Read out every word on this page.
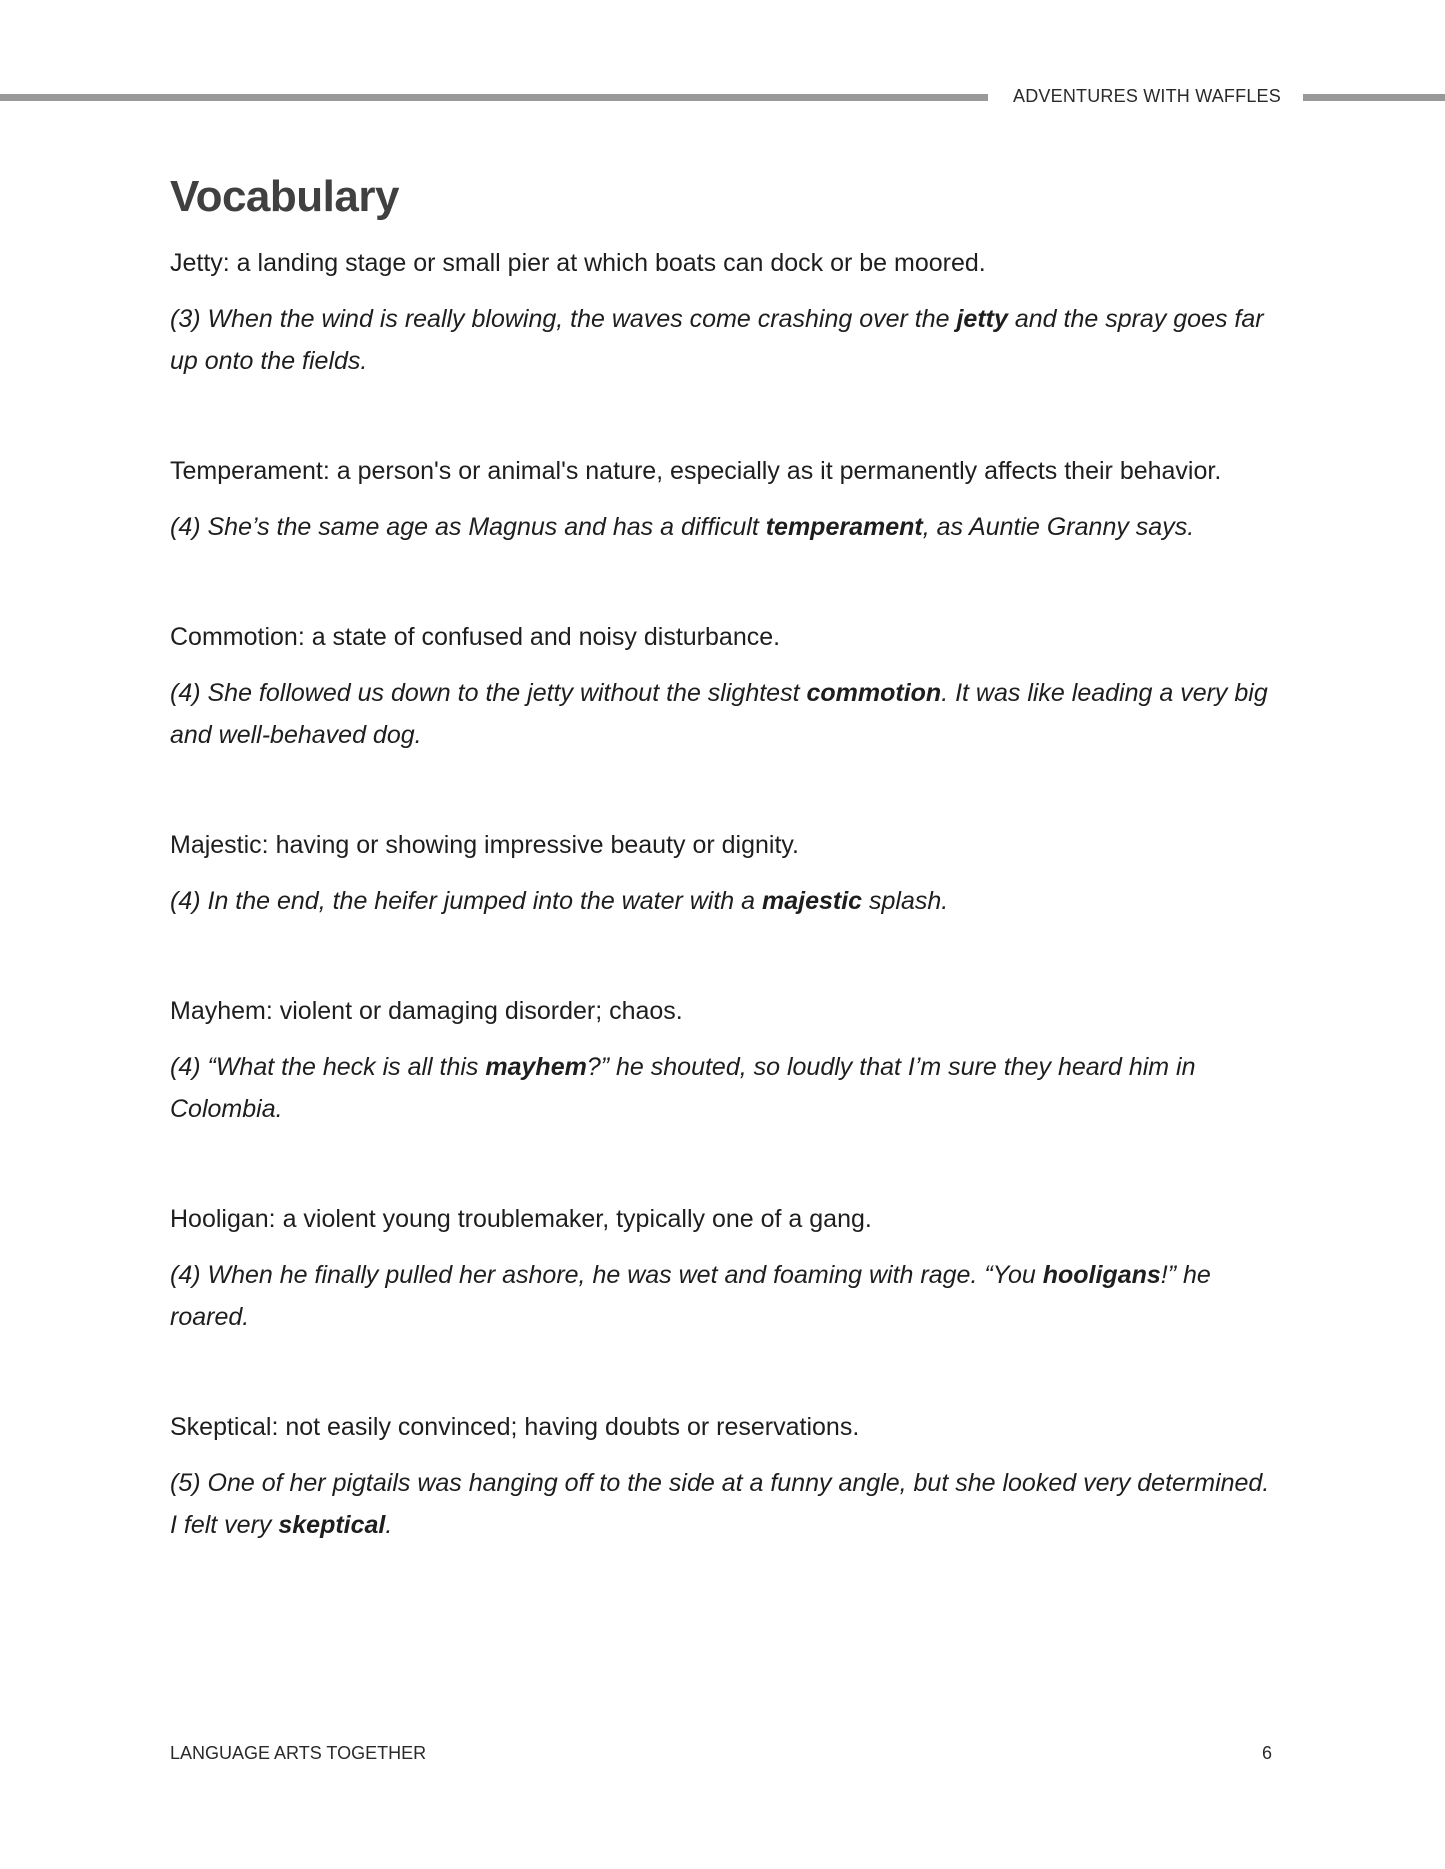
ADVENTURES WITH WAFFLES
Vocabulary

Jetty: a landing stage or small pier at which boats can dock or be moored.

(3) When the wind is really blowing, the waves come crashing over the jetty and the spray goes far up onto the fields.

Temperament: a person's or animal's nature, especially as it permanently affects their behavior.

(4) She’s the same age as Magnus and has a difficult temperament, as Auntie Granny says.

Commotion: a state of confused and noisy disturbance.

(4) She followed us down to the jetty without the slightest commotion. It was like leading a very big and well-behaved dog.

Majestic: having or showing impressive beauty or dignity.

(4) In the end, the heifer jumped into the water with a majestic splash.

Mayhem: violent or damaging disorder; chaos.

(4) “What the heck is all this mayhem?” he shouted, so loudly that I’m sure they heard him in Colombia.

Hooligan: a violent young troublemaker, typically one of a gang.

(4) When he finally pulled her ashore, he was wet and foaming with rage. “You hooligans!” he roared.

Skeptical: not easily convinced; having doubts or reservations.

(5) One of her pigtails was hanging off to the side at a funny angle, but she looked very determined. I felt very skeptical.

LANGUAGE ARTS TOGETHER	6
